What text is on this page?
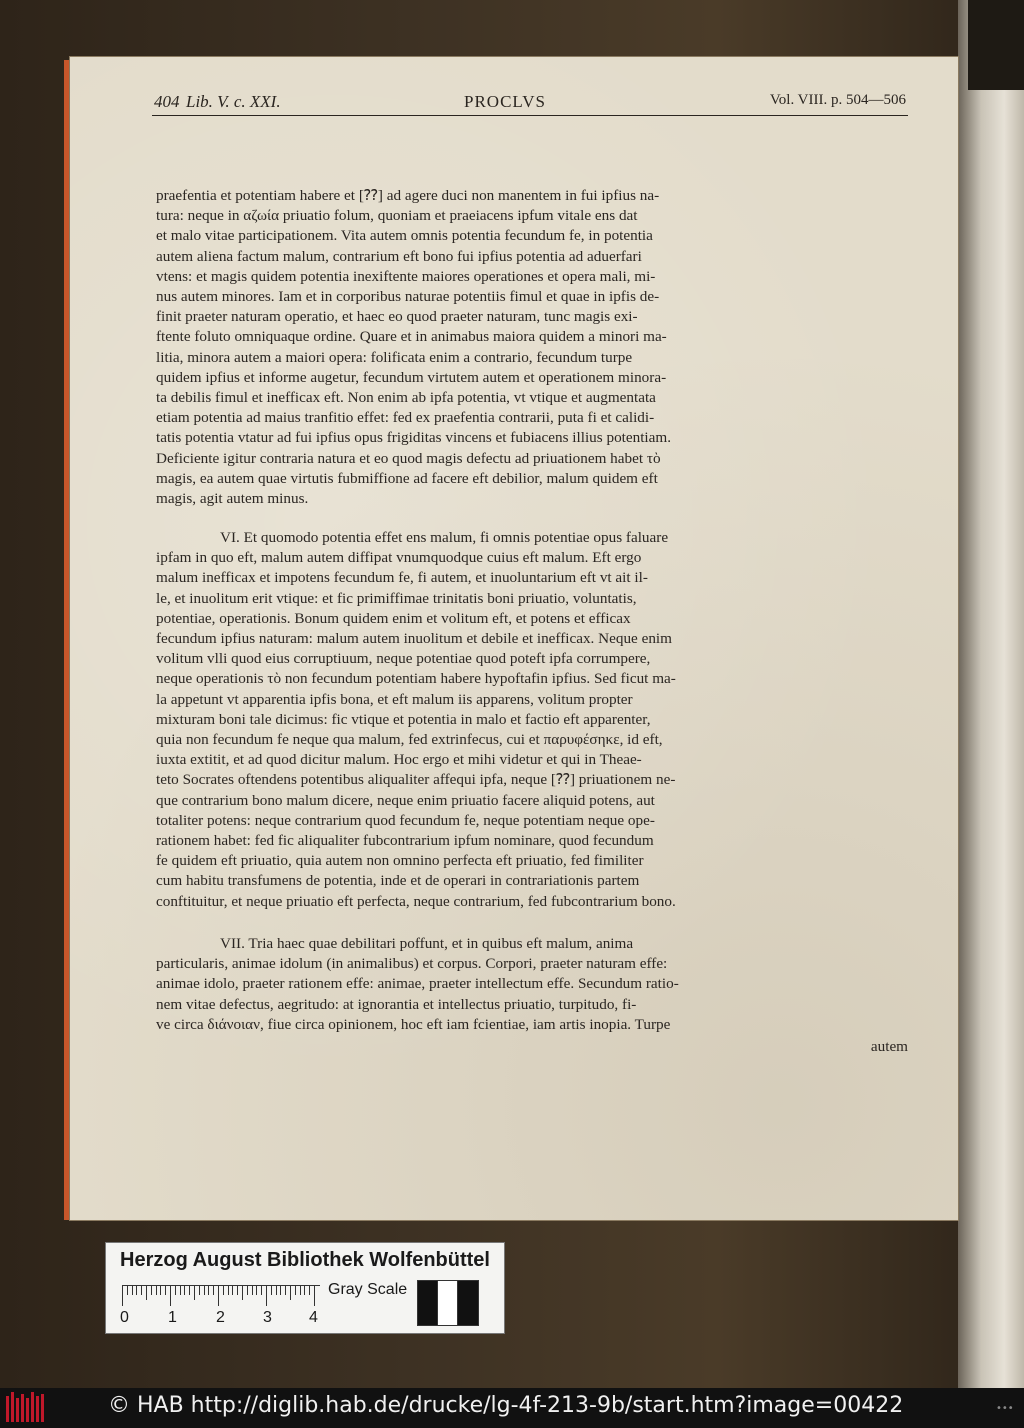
404 Lib. V. c. XXI.	PROCLVS	Vol. VIII. p. 504—506

praefentia et potentiam habere et [⁇] ad agere duci non manentem in fui ipfius na-

tura: neque in αζωία priuatio folum, quoniam et praeiacens ipfum vitale ens dat

et malo vitae participationem. Vita autem omnis potentia fecundum fe, in potentia

autem aliena factum malum, contrarium eft bono fui ipfius potentia ad aduerfari

vtens: et magis quidem potentia inexiftente maiores operationes et opera mali, mi-

nus autem minores. Iam et in corporibus naturae potentiis fimul et quae in ipfis de-

finit praeter naturam operatio, et haec eo quod praeter naturam, tunc magis exi-

ftente foluto omniquaque ordine. Quare et in animabus maiora quidem a minori ma-

litia, minora autem a maiori opera: folificata enim a contrario, fecundum turpe

quidem ipfius et informe augetur, fecundum virtutem autem et operationem minora-

ta debilis fimul et inefficax eft. Non enim ab ipfa potentia, vt vtique et augmentata

etiam potentia ad maius tranfitio effet: fed ex praefentia contrarii, puta fi et calidi-

tatis potentia vtatur ad fui ipfius opus frigiditas vincens et fubiacens illius potentiam.

Deficiente igitur contraria natura et eo quod magis defectu ad priuationem habet τὸ

magis, ea autem quae virtutis fubmiffione ad facere eft debilior, malum quidem eft

magis, agit autem minus.

VI. Et quomodo potentia effet ens malum, fi omnis potentiae opus faluare

ipfam in quo eft, malum autem diffipat vnumquodque cuius eft malum. Eft ergo

malum inefficax et impotens fecundum fe, fi autem, et inuoluntarium eft vt ait il-

le, et inuolitum erit vtique: et fic primiffimae trinitatis boni priuatio, voluntatis,

potentiae, operationis. Bonum quidem enim et volitum eft, et potens et efficax

fecundum ipfius naturam: malum autem inuolitum et debile et inefficax. Neque enim

volitum vlli quod eius corruptiuum, neque potentiae quod poteft ipfa corrumpere,

neque operationis τὸ non fecundum potentiam habere hypoftafin ipfius. Sed ficut ma-

la appetunt vt apparentia ipfis bona, et eft malum iis apparens, volitum propter

mixturam boni tale dicimus: fic vtique et potentia in malo et factio eft apparenter,

quia non fecundum fe neque qua malum, fed extrinfecus, cui et παρυφέσηκε, id eft,

iuxta extitit, et ad quod dicitur malum. Hoc ergo et mihi videtur et qui in Theae-

teto Socrates oftendens potentibus aliqualiter affequi ipfa, neque [⁇] priuationem ne-

que contrarium bono malum dicere, neque enim priuatio facere aliquid potens, aut

totaliter potens: neque contrarium quod fecundum fe, neque potentiam neque ope-

rationem habet: fed fic aliqualiter fubcontrarium ipfum nominare, quod fecundum

fe quidem eft priuatio, quia autem non omnino perfecta eft priuatio, fed fimiliter

cum habitu transfumens de potentia, inde et de operari in contrariationis partem

conftituitur, et neque priuatio eft perfecta, neque contrarium, fed fubcontrarium bono.

VII. Tria haec quae debilitari poffunt, et in quibus eft malum, anima

particularis, animae idolum (in animalibus) et corpus. Corpori, praeter naturam effe:

animae idolo, praeter rationem effe: animae, praeter intellectum effe. Secundum ratio-

nem vitae defectus, aegritudo: at ignorantia et intellectus priuatio, turpitudo, fi-

ve circa διάνοιαν, fiue circa opinionem, hoc eft iam fcientiae, iam artis inopia. Turpe

autem
Herzog August Bibliothek Wolfenbüttel
0 1 2 3 4
Gray Scale
© HAB http://diglib.hab.de/drucke/lg-4f-213-9b/start.htm?image=00422	•••
